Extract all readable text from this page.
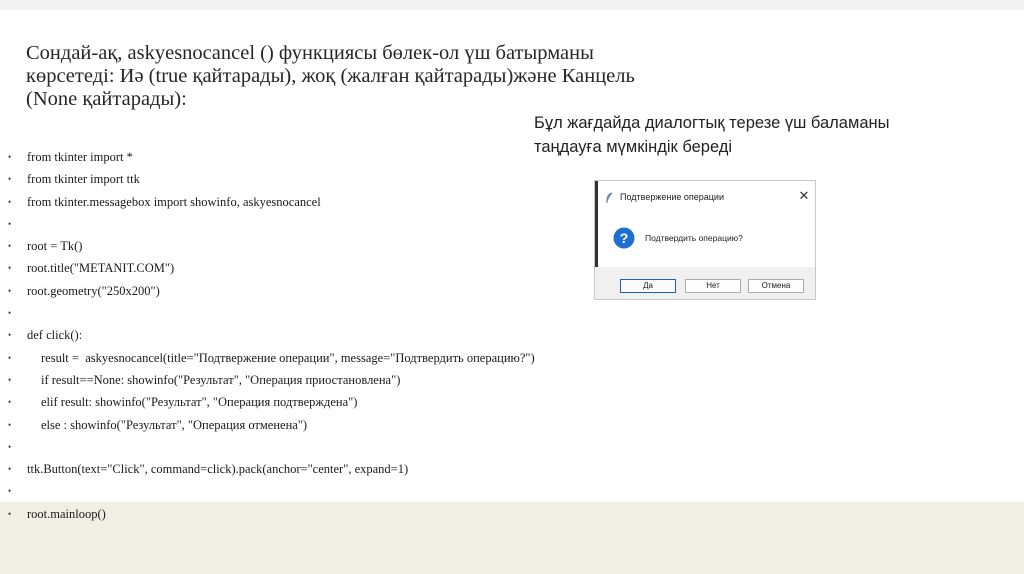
Сондай-ақ, askyesnocancel () функциясы бөлек-ол үш батырманы
көрсетеді: Иә (true қайтарады), жоқ (жалған қайтарады)және Канцель
(None қайтарады):
Бұл жағдайда диалогтық терезе үш баламаны
таңдауға мүмкіндік береді
• from tkinter import *
• from tkinter import ttk
• from tkinter.messagebox import showinfo, askyesnocancel
•
• root = Tk()
• root.title("METANIT.COM")
• root.geometry("250x200")
•
• def click():
• result =  askyesnocancel(title="Подтвержение операции", message="Подтвердить операцию?")
• if result==None: showinfo("Результат", "Операция приостановлена")
• elif result: showinfo("Результат", "Операция подтверждена")
• else : showinfo("Результат", "Операция отменена")
•
• ttk.Button(text="Click", command=click).pack(anchor="center", expand=1)
•
• root.mainloop()
Подтвержение операции	✕
? Подтвердить операцию?
Да	Нет	Отмена
